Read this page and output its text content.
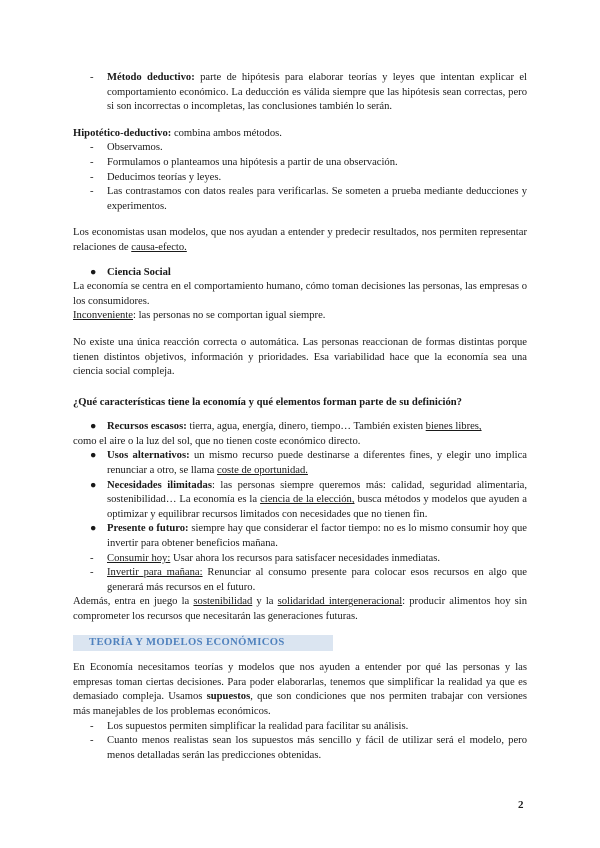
- Método deductivo: parte de hipótesis para elaborar teorías y leyes que intentan explicar el comportamiento económico. La deducción es válida siempre que las hipótesis sean correctas, pero si son incorrectas o incompletas, las conclusiones también lo serán.

Hipotético-deductivo: combina ambos métodos.

- Observamos.

- Formulamos o planteamos una hipótesis a partir de una observación.

- Deducimos teorías y leyes.

- Las contrastamos con datos reales para verificarlas. Se someten a prueba mediante deducciones y experimentos.

Los economistas usan modelos, que nos ayudan a entender y predecir resultados, nos permiten representar relaciones de causa-efecto.

● Ciencia Social

La economía se centra en el comportamiento humano, cómo toman decisiones las personas, las empresas o los consumidores.

Inconveniente: las personas no se comportan igual siempre.

No existe una única reacción correcta o automática. Las personas reaccionan de formas distintas porque tienen distintos objetivos, información y prioridades. Esa variabilidad hace que la economía sea una ciencia social compleja.

¿Qué características tiene la economía y qué elementos forman parte de su definición?

● Recursos escasos: tierra, agua, energía, dinero, tiempo… También existen bienes libres,
como el aire o la luz del sol, que no tienen coste económico directo.

● Usos alternativos: un mismo recurso puede destinarse a diferentes fines, y elegir uno implica renunciar a otro, se llama coste de oportunidad.

● Necesidades ilimitadas: las personas siempre queremos más: calidad, seguridad alimentaria, sostenibilidad… La economía es la ciencia de la elección, busca métodos y modelos que ayuden a optimizar y equilibrar recursos limitados con necesidades que no tienen fin.

● Presente o futuro: siempre hay que considerar el factor tiempo: no es lo mismo consumir hoy que invertir para obtener beneficios mañana.

- Consumir hoy: Usar ahora los recursos para satisfacer necesidades inmediatas.

- Invertir para mañana: Renunciar al consumo presente para colocar esos recursos en algo que generará más recursos en el futuro.

Además, entra en juego la sostenibilidad y la solidaridad intergeneracional: producir alimentos hoy sin comprometer los recursos que necesitarán las generaciones futuras.

TEORÍA Y MODELOS ECONÓMICOS

En Economía necesitamos teorías y modelos que nos ayuden a entender por qué las personas y las empresas toman ciertas decisiones. Para poder elaborarlas, tenemos que simplificar la realidad ya que es demasiado compleja. Usamos supuestos, que son condiciones que nos permiten trabajar con versiones más manejables de los problemas económicos.

- Los supuestos permiten simplificar la realidad para facilitar su análisis.

- Cuanto menos realistas sean los supuestos más sencillo y fácil de utilizar será el modelo, pero menos detalladas serán las predicciones obtenidas.

2
